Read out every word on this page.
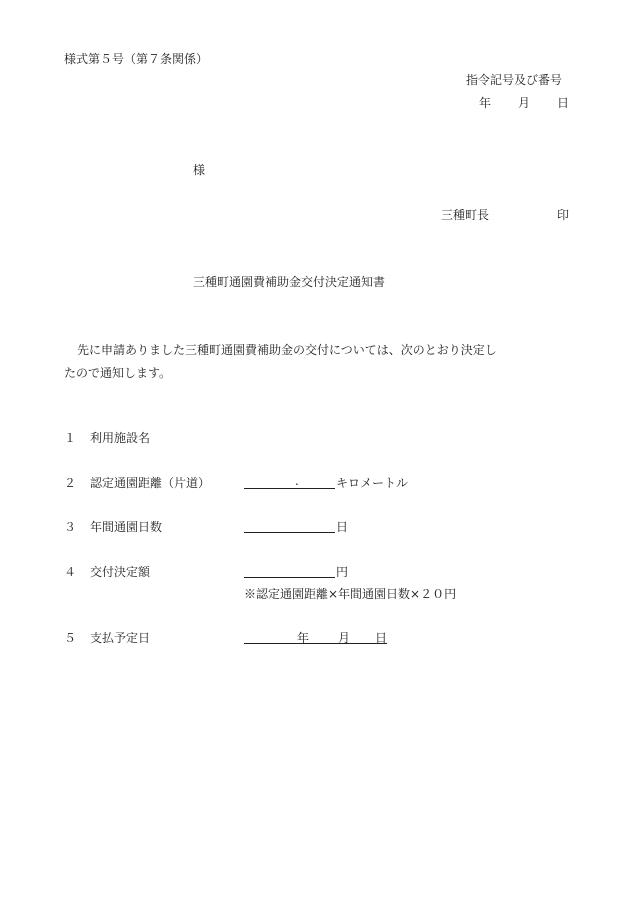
様式第５号（第７条関係）
指令記号及び番号
年 月 日
様
三種町長	印
三種町通園費補助金交付決定通知書
先に申請ありました三種町通園費補助金の交付については、次のとおり決定し
たので通知します。
１ 利用施設名
２ 認定通園距離（片道）	.	キロメートル
３ 年間通園日数	日
４ 交付決定額	円
※認定通園距離×年間通園日数×２０円
５ 支払予定日	年 月 日
